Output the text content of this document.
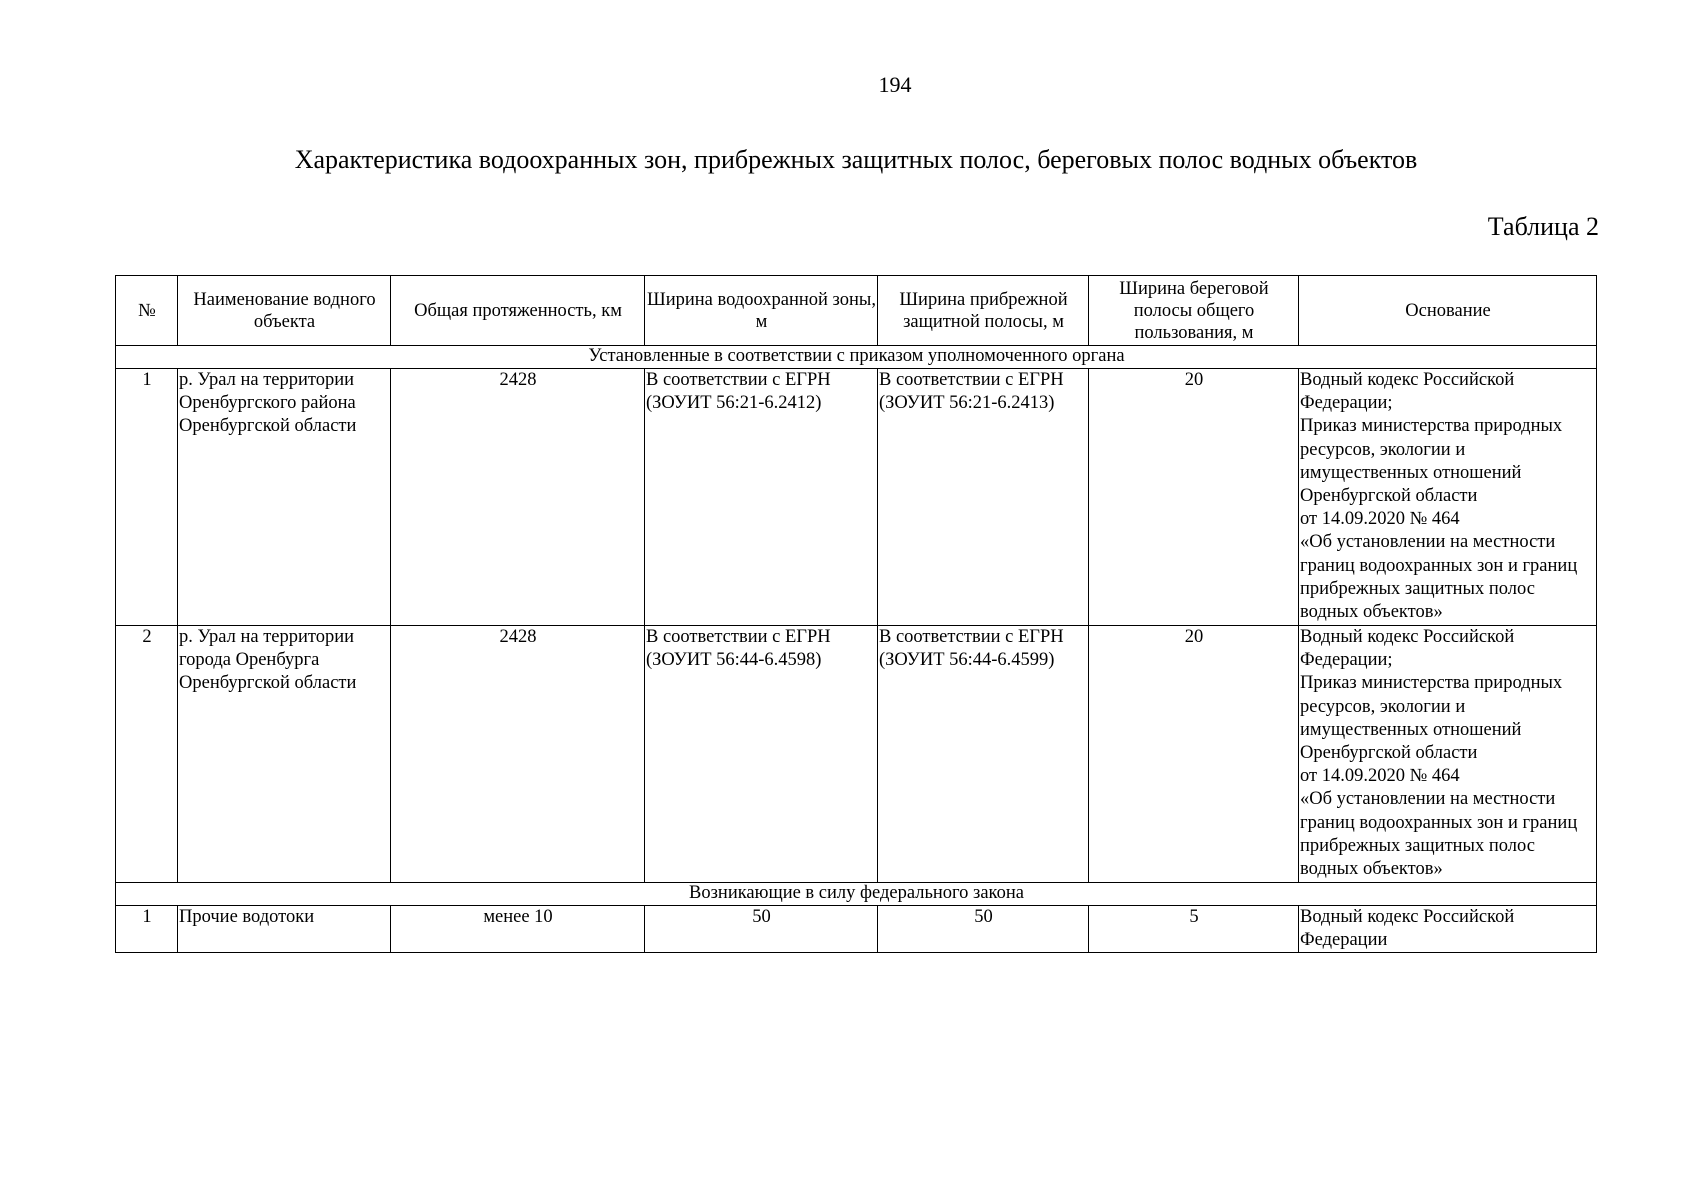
194
Характеристика водоохранных зон, прибрежных защитных полос, береговых полос водных объектов
Таблица 2
№	Наименование водного объекта	Общая протяженность, км	Ширина водоохранной зоны, м	Ширина прибрежной защитной полосы, м	Ширина береговой полосы общего пользования, м	Основание
Установленные в соответствии с приказом уполномоченного органа						
1	р. Урал на территории Оренбургского района Оренбургской области	2428	В соответствии с ЕГРН (ЗОУИТ 56:21-6.2412)	В соответствии с ЕГРН (ЗОУИТ 56:21-6.2413)	20	Водный кодекс Российской Федерации;
Приказ министерства природных ресурсов, экологии и имущественных отношений Оренбургской области
от 14.09.2020 № 464
«Об установлении на местности границ водоохранных зон и границ прибрежных защитных полос водных объектов»

2	р. Урал на территории города Оренбурга Оренбургской области	2428	В соответствии с ЕГРН (ЗОУИТ 56:44-6.4598)	В соответствии с ЕГРН (ЗОУИТ 56:44-6.4599)	20	Водный кодекс Российской Федерации;
Приказ министерства природных ресурсов, экологии и имущественных отношений Оренбургской области
от 14.09.2020 № 464
«Об установлении на местности границ водоохранных зон и границ прибрежных защитных полос водных объектов»

Возникающие в силу федерального закона						
1	Прочие водотоки	менее 10	50	50	5	Водный кодекс Российской Федерации
